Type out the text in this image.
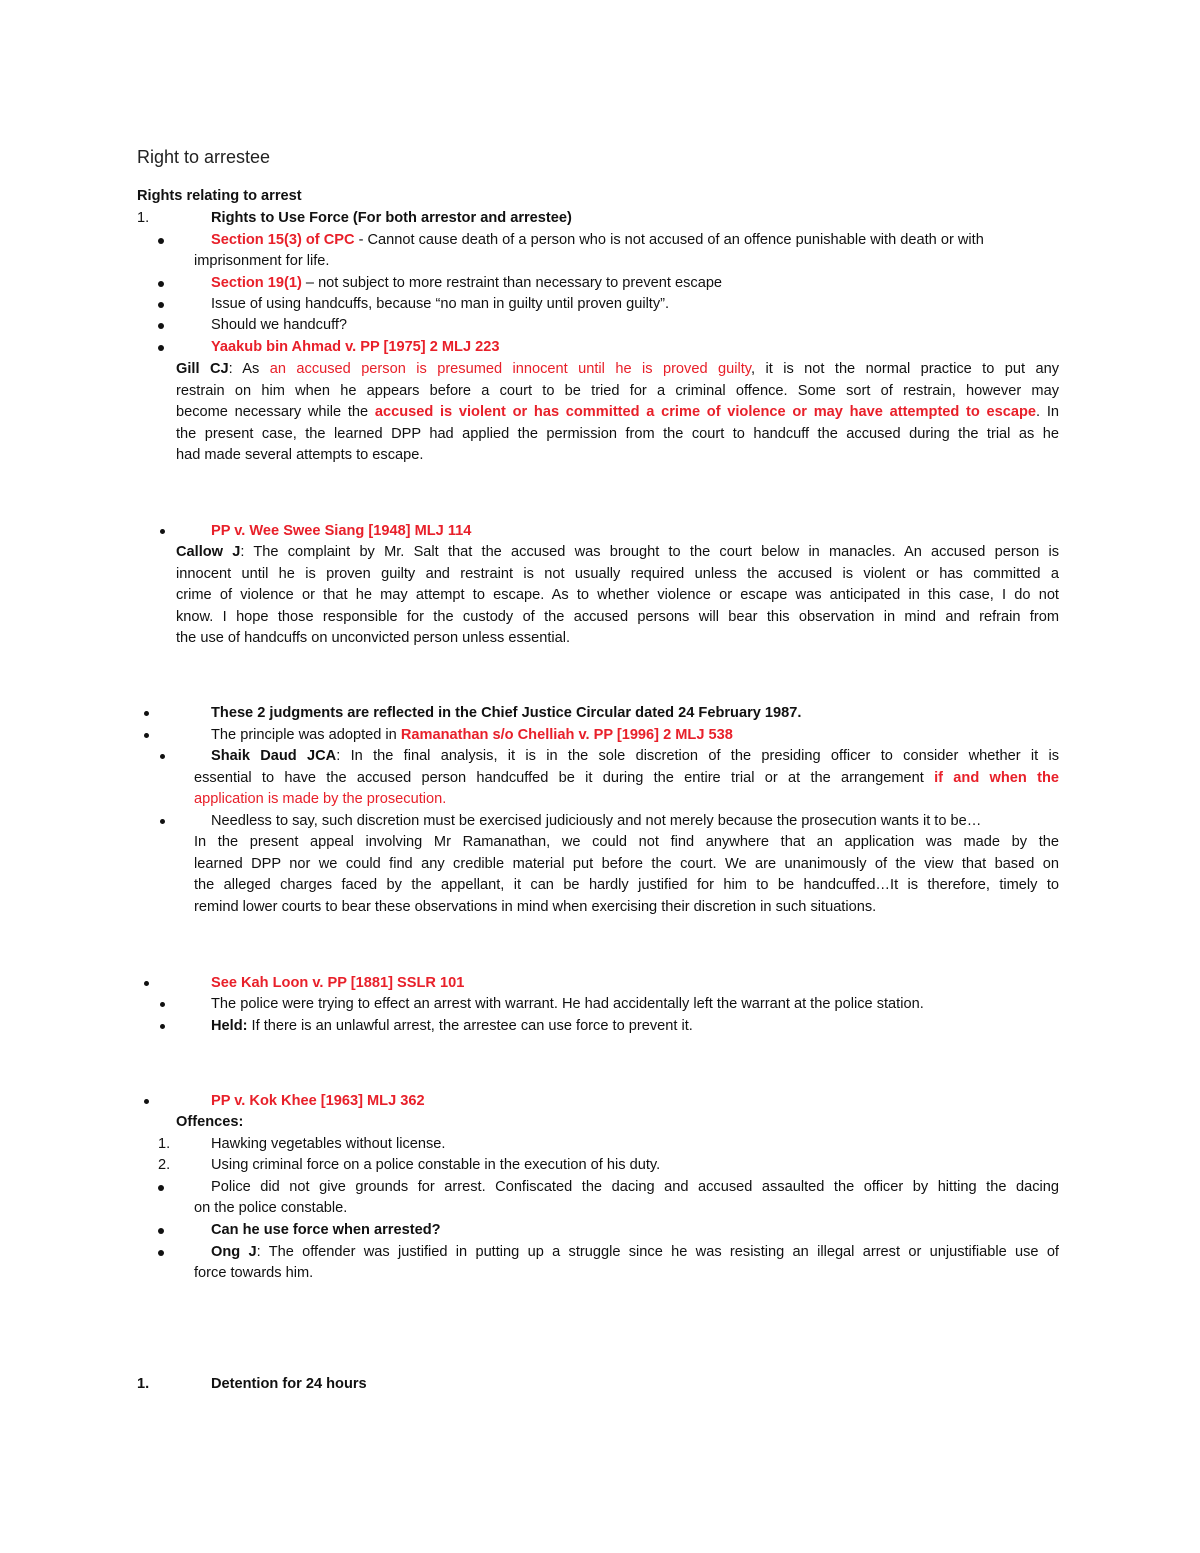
Right to arrestee
Rights relating to arrest
1.	Rights to Use Force (For both arrestor and arrestee)
Section 15(3) of CPC - Cannot cause death of a person who is not accused of an offence punishable with death or with
imprisonment for life.
Section 19(1) – not subject to more restraint than necessary to prevent escape
Issue of using handcuffs, because “no man in guilty until proven guilty”.
Should we handcuff?
Yaakub bin Ahmad v. PP [1975] 2 MLJ 223
Gill CJ: As an accused person is presumed innocent until he is proved guilty, it is not the normal practice to put any
restrain on him when he appears before a court to be tried for a criminal offence. Some sort of restrain, however may
become necessary while the accused is violent or has committed a crime of violence or may have attempted to escape. In
the present case, the learned DPP had applied the permission from the court to handcuff the accused during the trial as he
had made several attempts to escape.
PP v. Wee Swee Siang [1948] MLJ 114
Callow J: The complaint by Mr. Salt that the accused was brought to the court below in manacles. An accused person is
innocent until he is proven guilty and restraint is not usually required unless the accused is violent or has committed a
crime of violence or that he may attempt to escape. As to whether violence or escape was anticipated in this case, I do not
know. I hope those responsible for the custody of the accused persons will bear this observation in mind and refrain from
the use of handcuffs on unconvicted person unless essential.
These 2 judgments are reflected in the Chief Justice Circular dated 24 February 1987.
The principle was adopted in Ramanathan s/o Chelliah v. PP [1996] 2 MLJ 538
Shaik Daud JCA: In the final analysis, it is in the sole discretion of the presiding officer to consider whether it is
essential to have the accused person handcuffed be it during the entire trial or at the arrangement if and when the
application is made by the prosecution.
Needless to say, such discretion must be exercised judiciously and not merely because the prosecution wants it to be…
In the present appeal involving Mr Ramanathan, we could not find anywhere that an application was made by the
learned DPP nor we could find any credible material put before the court. We are unanimously of the view that based on
the alleged charges faced by the appellant, it can be hardly justified for him to be handcuffed…It is therefore, timely to
remind lower courts to bear these observations in mind when exercising their discretion in such situations.
See Kah Loon v. PP [1881] SSLR 101
The police were trying to effect an arrest with warrant. He had accidentally left the warrant at the police station.
Held: If there is an unlawful arrest, the arrestee can use force to prevent it.
PP v. Kok Khee [1963] MLJ 362
Offences:
1.	Hawking vegetables without license.
2.	Using criminal force on a police constable in the execution of his duty.
Police did not give grounds for arrest. Confiscated the dacing and accused assaulted the officer by hitting the dacing
on the police constable.
Can he use force when arrested?
Ong J: The offender was justified in putting up a struggle since he was resisting an illegal arrest or unjustifiable use of
force towards him.
1.	Detention for 24 hours
